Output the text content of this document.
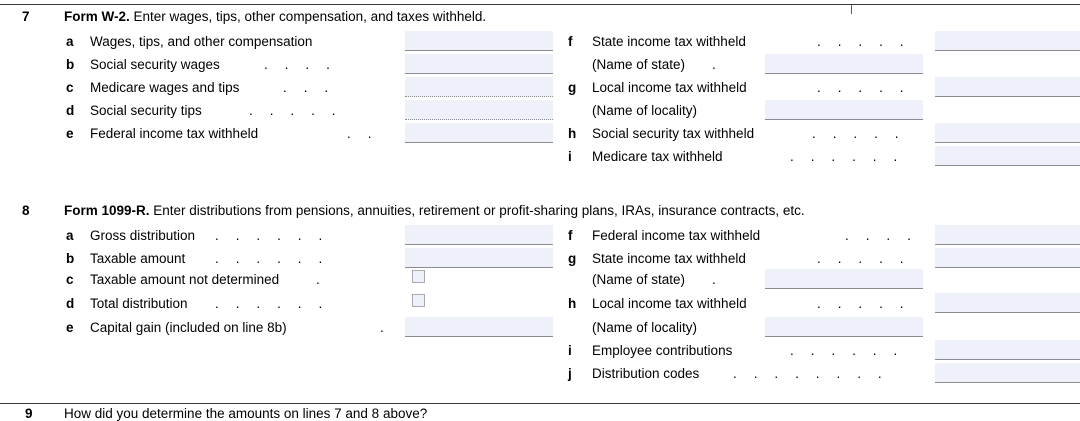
7	Form W-2. Enter wages, tips, other compensation, and taxes withheld.
a	Wages, tips, and other compensation
b	Social security wages	. . . .
c	Medicare wages and tips	. . .
d	Social security tips	. . . . .
e	Federal income tax withheld	. .
f	State income tax withheld	. . . . .
(Name of state) .
g	Local income tax withheld	. . . . .
(Name of locality)
h	Social security tax withheld	. . . . .
i	Medicare tax withheld	. . . . . .
8	Form 1099-R. Enter distributions from pensions, annuities, retirement or profit-sharing plans, IRAs, insurance contracts, etc.
a	Gross distribution . . . . . .
b	Taxable amount . . . . . .
c	Taxable amount not determined	.
d	Total distribution . . . . . .
e	Capital gain (included on line 8b)	.
f	Federal income tax withheld	. . . .
g	State income tax withheld	. . . . .
(Name of state) .
h	Local income tax withheld	. . . . .
(Name of locality)
i	Employee contributions	. . . . . .
j	Distribution codes . . . . . . . .
9 How did you determine the amounts on lines 7 and 8 above?
